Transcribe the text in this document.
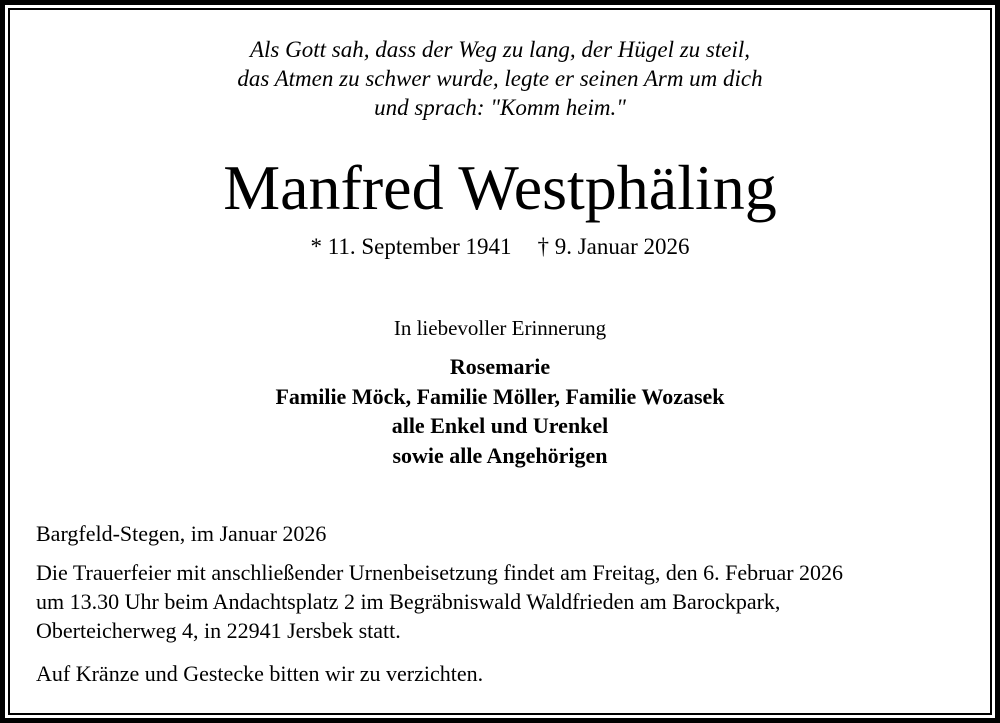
Als Gott sah, dass der Weg zu lang, der Hügel zu steil,
das Atmen zu schwer wurde, legte er seinen Arm um dich
und sprach: "Komm heim."
Manfred Westphäling
* 11. September 1941 † 9. Januar 2026
In liebevoller Erinnerung
Rosemarie
Familie Möck, Familie Möller, Familie Wozasek
alle Enkel und Urenkel
sowie alle Angehörigen
Bargfeld-Stegen, im Januar 2026
Die Trauerfeier mit anschließender Urnenbeisetzung findet am Freitag, den 6. Februar 2026
um 13.30 Uhr beim Andachtsplatz 2 im Begräbniswald Waldfrieden am Barockpark,
Oberteicherweg 4, in 22941 Jersbek statt.
Auf Kränze und Gestecke bitten wir zu verzichten.
